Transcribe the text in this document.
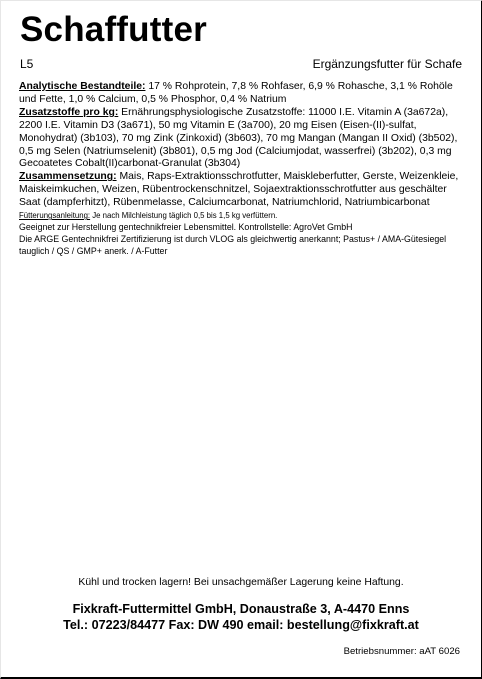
Schaffutter
L5	Ergänzungsfutter für Schafe

Analytische Bestandteile: 17 % Rohprotein, 7,8 % Rohfaser, 6,9 % Rohasche, 3,1 % Rohöle und Fette, 1,0 % Calcium, 0,5 % Phosphor, 0,4 % Natrium

Zusatzstoffe pro kg: Ernährungsphysiologische Zusatzstoffe: 11000 I.E. Vitamin A (3a672a), 2200 I.E. Vitamin D3 (3a671), 50 mg Vitamin E (3a700), 20 mg Eisen (Eisen-(II)-sulfat, Monohydrat) (3b103), 70 mg Zink (Zinkoxid) (3b603), 70 mg Mangan (Mangan II Oxid) (3b502), 0,5 mg Selen (Natriumselenit) (3b801), 0,5 mg Jod (Calciumjodat, wasserfrei) (3b202), 0,3 mg Gecoatetes Cobalt(II)carbonat-Granulat (3b304)

Zusammensetzung: Mais, Raps-Extraktionsschrotfutter, Maiskleberfutter, Gerste, Weizenkleie, Maiskeimkuchen, Weizen, Rübentrockenschnitzel, Sojaextraktionsschrotfutter aus geschälter Saat (dampferhitzt), Rübenmelasse, Calciumcarbonat, Natriumchlorid, Natriumbicarbonat

Fütterungsanleitung: Je nach Milchleistung täglich 0,5 bis 1,5 kg verfüttern.

Geeignet zur Herstellung gentechnikfreier Lebensmittel. Kontrollstelle: AgroVet GmbH

Die ARGE Gentechnikfrei Zertifizierung ist durch VLOG als gleichwertig anerkannt; Pastus+ / AMA-Gütesiegel tauglich / QS / GMP+ anerk. / A-Futter

Kühl und trocken lagern! Bei unsachgemäßer Lagerung keine Haftung.
Fixkraft-Futtermittel GmbH, Donaustraße 3, A-4470 Enns
Tel.: 07223/84477 Fax: DW 490 email: bestellung@fixkraft.at
Betriebsnummer: aAT 6026
